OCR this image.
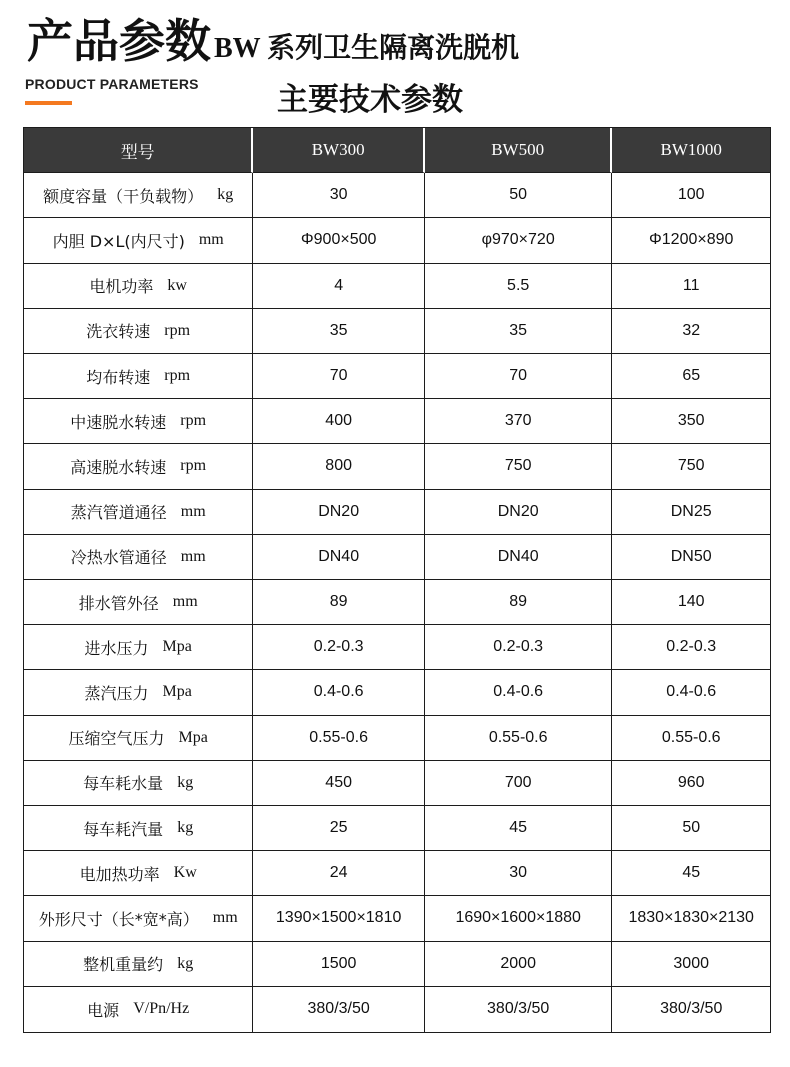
产品参数 BW 系列卫生隔离洗脱机
PRODUCT PARAMETERS	主要技术参数
型号	BW300	BW500	BW1000
额度容量（干负载物） kg	30	50	100
内胆 D×L(内尺寸) mm	Φ900×500	φ970×720	Φ1200×890
电机功率 kw	4	5.5	11
洗衣转速 rpm	35	35	32
均布转速 rpm	70	70	65
中速脱水转速 rpm	400	370	350
高速脱水转速 rpm	800	750	750
蒸汽管道通径 mm	DN20	DN20	DN25
冷热水管通径 mm	DN40	DN40	DN50
排水管外径 mm	89	89	140
进水压力 Mpa	0.2-0.3	0.2-0.3	0.2-0.3
蒸汽压力 Mpa	0.4-0.6	0.4-0.6	0.4-0.6
压缩空气压力 Mpa	0.55-0.6	0.55-0.6	0.55-0.6
每车耗水量 kg	450	700	960
每车耗汽量 kg	25	45	50
电加热功率 Kw	24	30	45
外形尺寸（长*宽*高） mm	1390×1500×1810	1690×1600×1880	1830×1830×2130
整机重量约 kg	1500	2000	3000
电源 V/Pn/Hz	380/3/50	380/3/50	380/3/50
